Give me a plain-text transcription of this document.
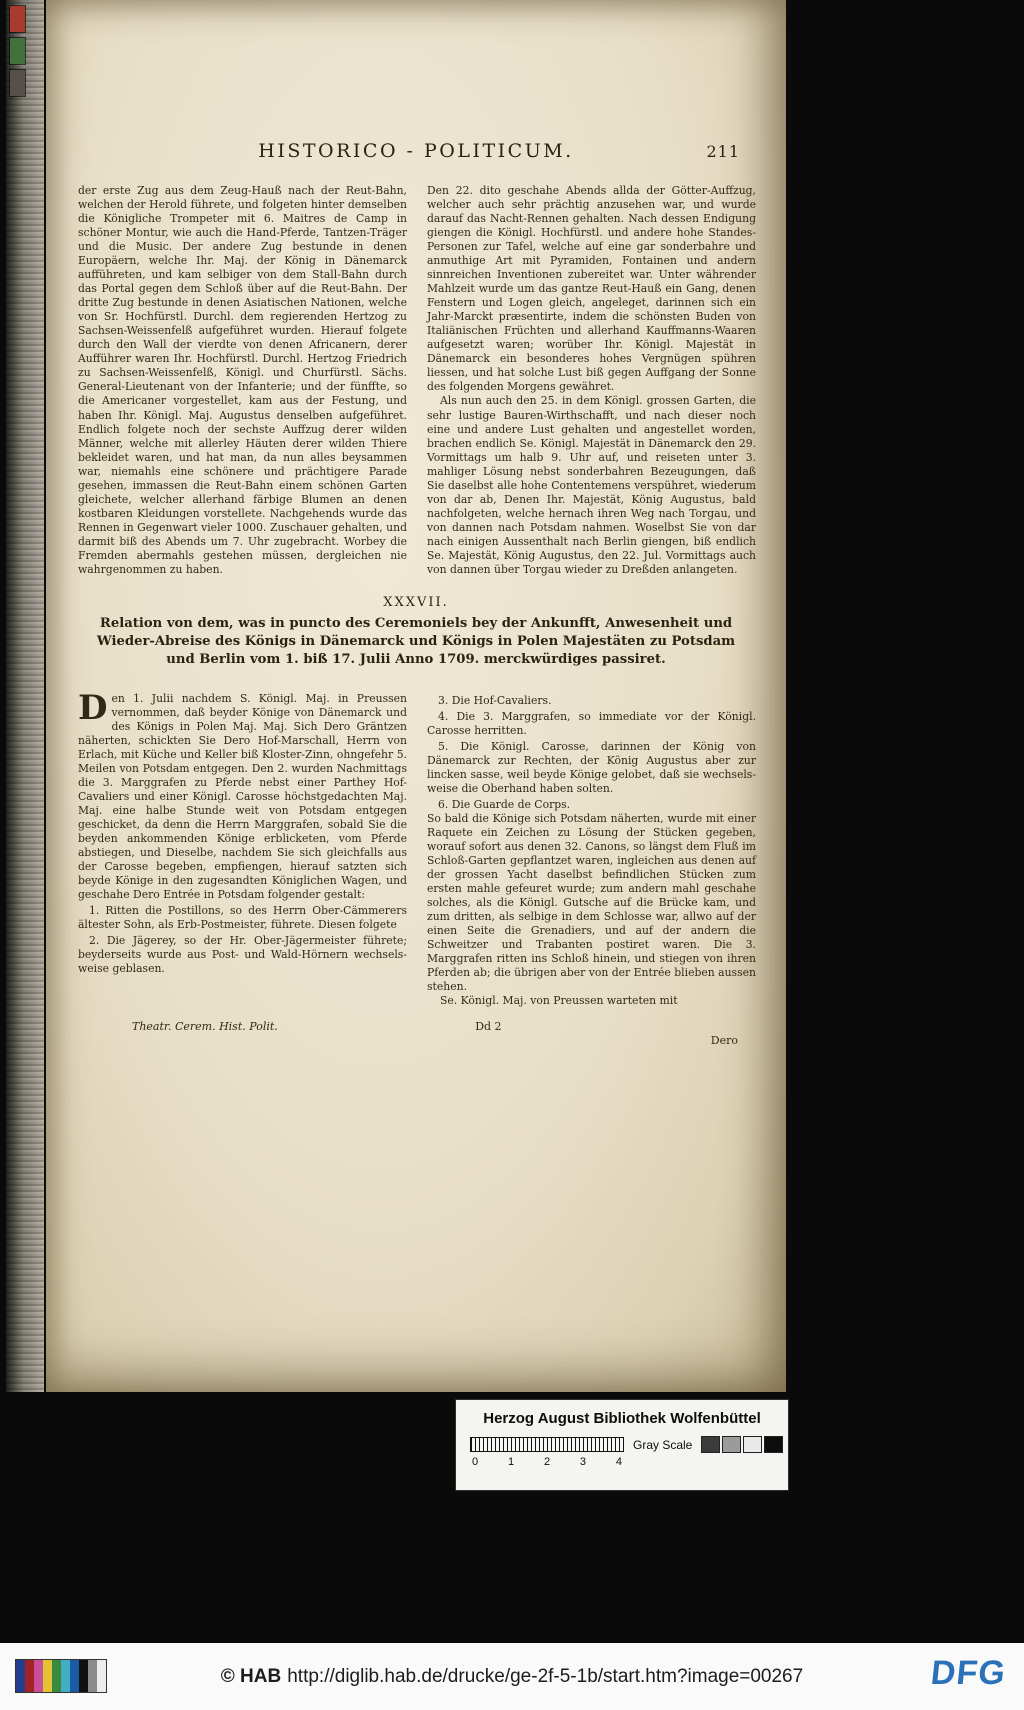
HISTORICO - POLITICUM.	211

der erste Zug aus dem Zeug-Hauß nach der Reut-Bahn, welchen der Herold führete, und folgeten hinter demselben die Königliche Trompeter mit 6. Maitres de Camp in schöner Montur, wie auch die Hand-Pferde, Tantzen-Träger und die Music. Der andere Zug bestunde in denen Europäern, welche Ihr. Maj. der König in Dänemarck aufführeten, und kam selbiger von dem Stall-Bahn durch das Portal gegen dem Schloß über auf die Reut-Bahn. Der dritte Zug bestunde in denen Asiatischen Nationen, welche von Sr. Hochfürstl. Durchl. dem regierenden Hertzog zu Sachsen-Weissenfelß aufgeführet wurden. Hierauf folgete durch den Wall der vierdte von denen Africanern, derer Aufführer waren Ihr. Hochfürstl. Durchl. Hertzog Friedrich zu Sachsen-Weissenfelß, Königl. und Churfürstl. Sächs. General-Lieutenant von der Infanterie; und der fünffte, so die Americaner vorgestellet, kam aus der Festung, und haben Ihr. Königl. Maj. Augustus denselben aufgeführet. Endlich folgete noch der sechste Auffzug derer wilden Männer, welche mit allerley Häuten derer wilden Thiere bekleidet waren, und hat man, da nun alles beysammen war, niemahls eine schönere und prächtigere Parade gesehen, immassen die Reut-Bahn einem schönen Garten gleichete, welcher allerhand färbige Blumen an denen kostbaren Kleidungen vorstellete. Nachgehends wurde das Rennen in Gegenwart vieler 1000. Zuschauer gehalten, und darmit biß des Abends um 7. Uhr zugebracht. Worbey die Fremden abermahls gestehen müssen, dergleichen nie wahrgenommen zu haben.

Den 22. dito geschahe Abends allda der Götter-Auffzug, welcher auch sehr prächtig anzusehen war, und wurde darauf das Nacht-Rennen gehalten. Nach dessen Endigung giengen die Königl. Hochfürstl. und andere hohe Standes-Personen zur Tafel, welche auf eine gar sonderbahre und anmuthige Art mit Pyramiden, Fontainen und andern sinnreichen Inventionen zubereitet war. Unter währender Mahlzeit wurde um das gantze Reut-Hauß ein Gang, denen Fenstern und Logen gleich, angeleget, darinnen sich ein Jahr-Marckt præsentirte, indem die schönsten Buden von Italiänischen Früchten und allerhand Kauffmanns-Waaren aufgesetzt waren; worüber Ihr. Königl. Majestät in Dänemarck ein besonderes hohes Vergnügen spühren liessen, und hat solche Lust biß gegen Auffgang der Sonne des folgenden Morgens gewähret.

Als nun auch den 25. in dem Königl. grossen Garten, die sehr lustige Bauren-Wirthschafft, und nach dieser noch eine und andere Lust gehalten und angestellet worden, brachen endlich Se. Königl. Majestät in Dänemarck den 29. Vormittags um halb 9. Uhr auf, und reiseten unter 3. mahliger Lösung nebst sonderbahren Bezeugungen, daß Sie daselbst alle hohe Contentemens verspühret, wiederum von dar ab, Denen Ihr. Majestät, König Augustus, bald nachfolgeten, welche hernach ihren Weg nach Torgau, und von dannen nach Potsdam nahmen. Woselbst Sie von dar nach einigen Aussenthalt nach Berlin giengen, biß endlich Se. Majestät, König Augustus, den 22. Jul. Vormittags auch von dannen über Torgau wieder zu Dreßden anlangeten.

XXXVII.
Relation von dem, was in puncto des Ceremoniels bey der Ankunfft, Anwesenheit und Wieder-Abreise des Königs in Dänemarck und Königs in Polen Majestäten zu Potsdam und Berlin vom 1. biß 17. Julii Anno 1709. merckwürdiges passiret.

Den 1. Julii nachdem S. Königl. Maj. in Preussen vernommen, daß beyder Könige von Dänemarck und des Königs in Polen Maj. Maj. Sich Dero Gräntzen näherten, schickten Sie Dero Hof-Marschall, Herrn von Erlach, mit Küche und Keller biß Kloster-Zinn, ohngefehr 5. Meilen von Potsdam entgegen. Den 2. wurden Nachmittags die 3. Marggrafen zu Pferde nebst einer Parthey Hof-Cavaliers und einer Königl. Carosse höchstgedachten Maj. Maj. eine halbe Stunde weit von Potsdam entgegen geschicket, da denn die Herrn Marggrafen, sobald Sie die beyden ankommenden Könige erblicketen, vom Pferde abstiegen, und Dieselbe, nachdem Sie sich gleichfalls aus der Carosse begeben, empfiengen, hierauf satzten sich beyde Könige in den zugesandten Königlichen Wagen, und geschahe Dero Entrée in Potsdam folgender gestalt:

1. Ritten die Postillons, so des Herrn Ober-Cämmerers ältester Sohn, als Erb-Postmeister, führete. Diesen folgete

2. Die Jägerey, so der Hr. Ober-Jägermeister führete; beyderseits wurde aus Post- und Wald-Hörnern wechsels-weise geblasen.

3. Die Hof-Cavaliers.

4. Die 3. Marggrafen, so immediate vor der Königl. Carosse herritten.

5. Die Königl. Carosse, darinnen der König von Dänemarck zur Rechten, der König Augustus aber zur lincken sasse, weil beyde Könige gelobet, daß sie wechsels-weise die Oberhand haben solten.

6. Die Guarde de Corps.

So bald die Könige sich Potsdam näherten, wurde mit einer Raquete ein Zeichen zu Lösung der Stücken gegeben, worauf sofort aus denen 32. Canons, so längst dem Fluß im Schloß-Garten gepflantzet waren, ingleichen aus denen auf der grossen Yacht daselbst befindlichen Stücken zum ersten mahle gefeuret wurde; zum andern mahl geschahe solches, als die Königl. Gutsche auf die Brücke kam, und zum dritten, als selbige in dem Schlosse war, allwo auf der einen Seite die Grenadiers, und auf der andern die Schweitzer und Trabanten postiret waren. Die 3. Marggrafen ritten ins Schloß hinein, und stiegen von ihren Pferden ab; die übrigen aber von der Entrée blieben aussen stehen.

Se. Königl. Maj. von Preussen warteten mit

Theatr. Cerem. Hist. Polit.	Dd 2
Dero
Herzog August Bibliothek Wolfenbüttel
Gray Scale
0	1	2	3	4
© HAB http://diglib.hab.de/drucke/ge-2f-5-1b/start.htm?image=00267	DFG
